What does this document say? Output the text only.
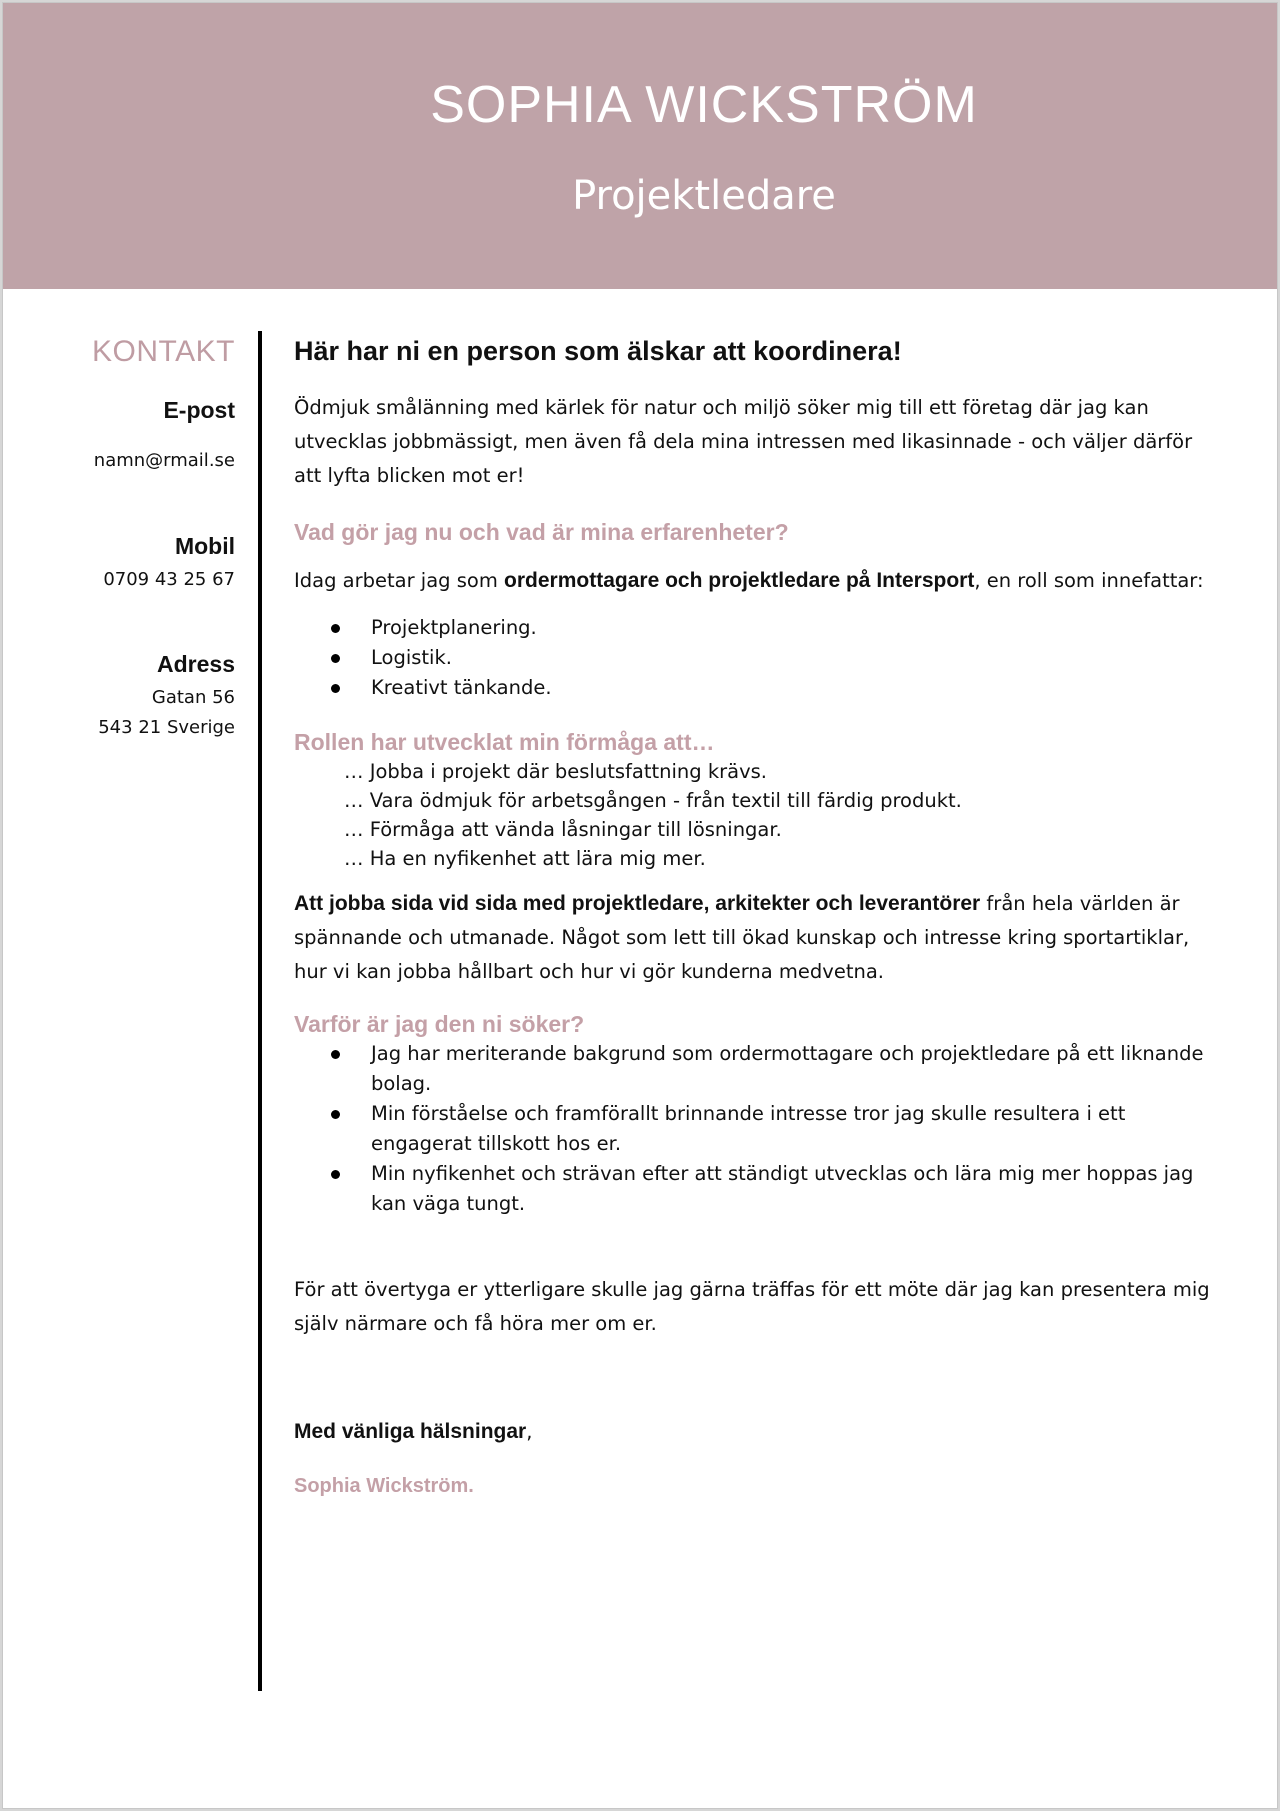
SOPHIA WICKSTRÖM
Projektledare
KONTAKT
E-post
namn@rmail.se
Mobil
0709 43 25 67
Adress
Gatan 56
543 21 Sverige
Här har ni en person som älskar att koordinera!

Ödmjuk smålänning med kärlek för natur och miljö söker mig till ett företag där jag kan utvecklas jobbmässigt, men även få dela mina intressen med likasinnade - och väljer därför att lyfta blicken mot er!

Vad gör jag nu och vad är mina erfarenheter?

Idag arbetar jag som ordermottagare och projektledare på Intersport, en roll som innefattar:

Projektplanering.
Logistik.
Kreativt tänkande.
Rollen har utvecklat min förmåga att…
… Jobba i projekt där beslutsfattning krävs.
… Vara ödmjuk för arbetsgången - från textil till färdig produkt.
… Förmåga att vända låsningar till lösningar.
… Ha en nyfikenhet att lära mig mer.

Att jobba sida vid sida med projektledare, arkitekter och leverantörer från hela världen är spännande och utmanade. Något som lett till ökad kunskap och intresse kring sportartiklar, hur vi kan jobba hållbart och hur vi gör kunderna medvetna.

Varför är jag den ni söker?
Jag har meriterande bakgrund som ordermottagare och projektledare på ett liknande bolag.
Min förståelse och framförallt brinnande intresse tror jag skulle resultera i ett engagerat tillskott hos er.
Min nyfikenhet och strävan efter att ständigt utvecklas och lära mig mer hoppas jag kan väga tungt.

För att övertyga er ytterligare skulle jag gärna träffas för ett möte där jag kan presentera mig själv närmare och få höra mer om er.

Med vänliga hälsningar,

Sophia Wickström.
